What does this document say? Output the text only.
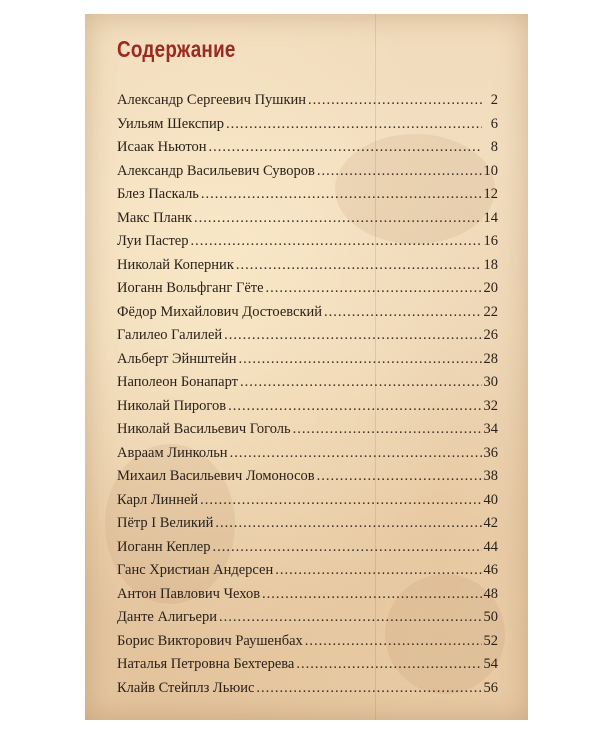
Содержание
Александр Сергеевич Пушкин .....	2
Уильям Шекспир .....	6
Исаак Ньютон .....	8
Александр Васильевич Суворов .....	10
Блез Паскаль .....	12
Макс Планк .....	14
Луи Пастер .....	16
Николай Коперник .....	18
Иоганн Вольфганг Гёте .....	20
Фёдор Михайлович Достоевский .....	22
Галилео Галилей .....	26
Альберт Эйнштейн .....	28
Наполеон Бонапарт .....	30
Николай Пирогов .....	32
Николай Васильевич Гоголь .....	34
Авраам Линкольн .....	36
Михаил Васильевич Ломоносов .....	38
Карл Линней .....	40
Пётр I Великий .....	42
Иоганн Кеплер .....	44
Ганс Христиан Андерсен .....	46
Антон Павлович Чехов .....	48
Данте Алигьери .....	50
Борис Викторович Раушенбах .....	52
Наталья Петровна Бехтерева .....	54
Клайв Стейплз Льюис .....	56
